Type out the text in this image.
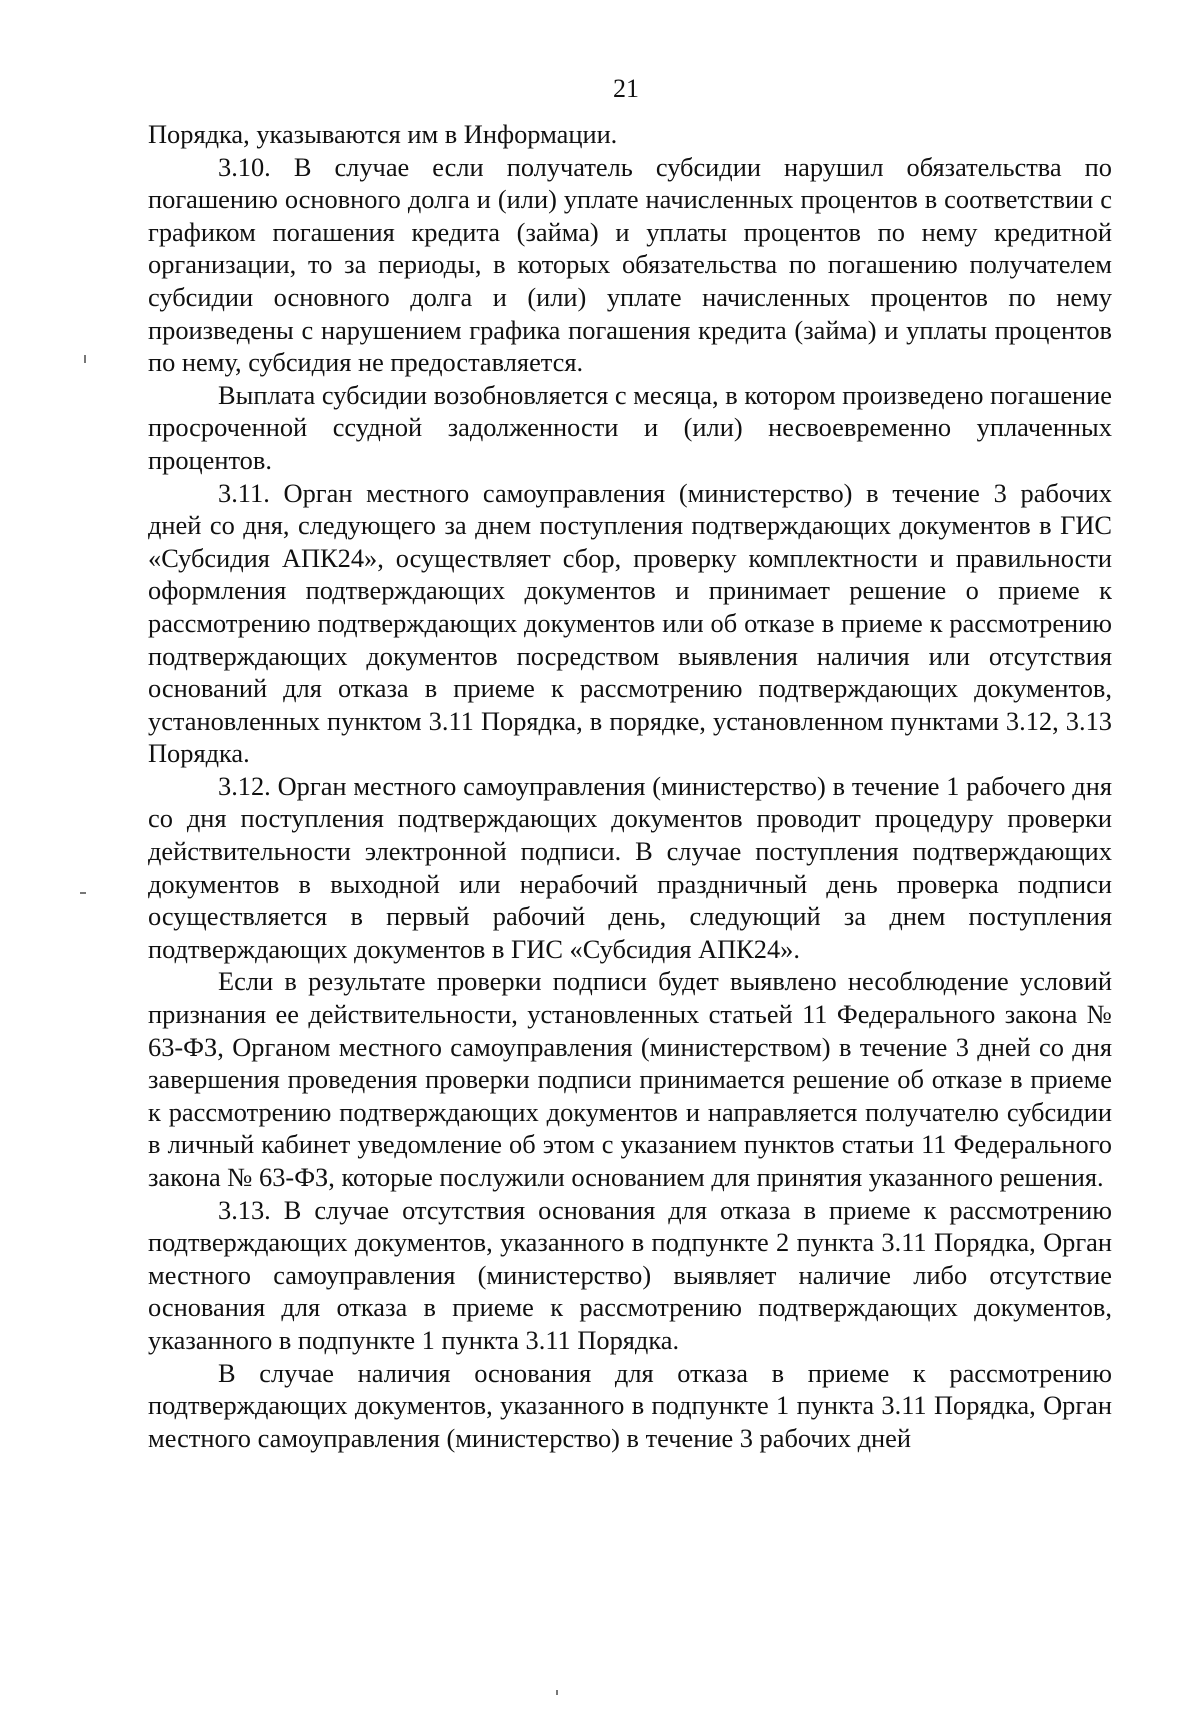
21

Порядка, указываются им в Информации.

3.10. В случае если получатель субсидии нарушил обязательства по погашению основного долга и (или) уплате начисленных процентов в соответствии с графиком погашения кредита (займа) и уплаты процентов по нему кредитной организации, то за периоды, в которых обязательства по погашению получателем субсидии основного долга и (или) уплате начисленных процентов по нему произведены с нарушением графика погашения кредита (займа) и уплаты процентов по нему, субсидия не предоставляется.

Выплата субсидии возобновляется с месяца, в котором произведено погашение просроченной ссудной задолженности и (или) несвоевременно уплаченных процентов.

3.11. Орган местного самоуправления (министерство) в течение 3 рабочих дней со дня, следующего за днем поступления подтверждающих документов в ГИС «Субсидия АПК24», осуществляет сбор, проверку комплектности и правильности оформления подтверждающих документов и принимает решение о приеме к рассмотрению подтверждающих документов или об отказе в приеме к рассмотрению подтверждающих документов посредством выявления наличия или отсутствия оснований для отказа в приеме к рассмотрению подтверждающих документов, установленных пунктом 3.11 Порядка, в порядке, установленном пунктами 3.12, 3.13 Порядка.

3.12. Орган местного самоуправления (министерство) в течение 1 рабочего дня со дня поступления подтверждающих документов проводит процедуру проверки действительности электронной подписи. В случае поступления подтверждающих документов в выходной или нерабочий праздничный день проверка подписи осуществляется в первый рабочий день, следующий за днем поступления подтверждающих документов в ГИС «Субсидия АПК24».

Если в результате проверки подписи будет выявлено несоблюдение условий признания ее действительности, установленных статьей 11 Федерального закона № 63-ФЗ, Органом местного самоуправления (министерством) в течение 3 дней со дня завершения проведения проверки подписи принимается решение об отказе в приеме к рассмотрению подтверждающих документов и направляется получателю субсидии в личный кабинет уведомление об этом с указанием пунктов статьи 11 Федерального закона № 63-ФЗ, которые послужили основанием для принятия указанного решения.

3.13. В случае отсутствия основания для отказа в приеме к рассмотрению подтверждающих документов, указанного в подпункте 2 пункта 3.11 Порядка, Орган местного самоуправления (министерство) выявляет наличие либо отсутствие основания для отказа в приеме к рассмотрению подтверждающих документов, указанного в подпункте 1 пункта 3.11 Порядка.

В случае наличия основания для отказа в приеме к рассмотрению подтверждающих документов, указанного в подпункте 1 пункта 3.11 Порядка, Орган местного самоуправления (министерство) в течение 3 рабочих дней
